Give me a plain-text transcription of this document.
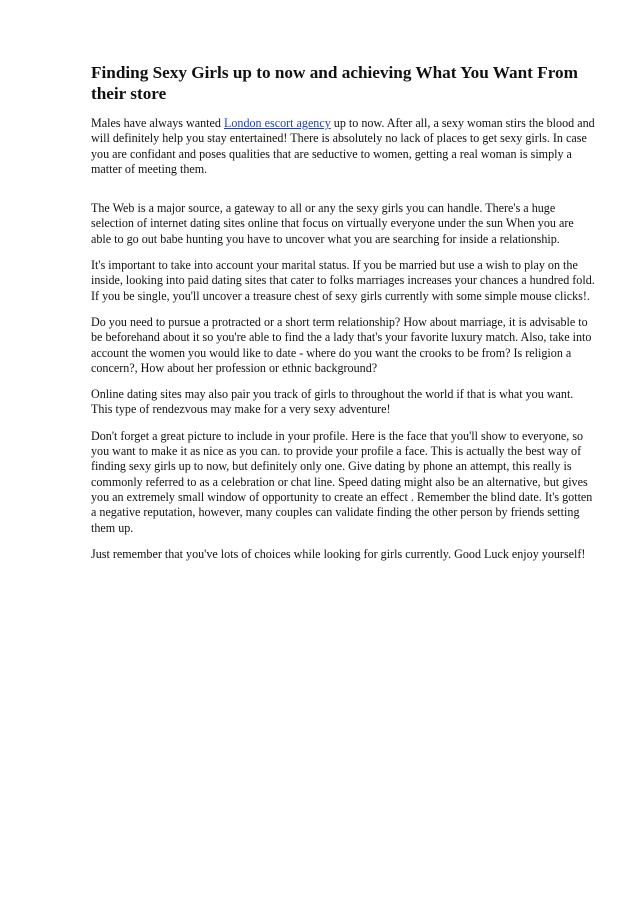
Finding Sexy Girls up to now and achieving What You Want From their store

Males have always wanted London escort agency up to now. After all, a sexy woman stirs the blood and will definitely help you stay entertained! There is absolutely no lack of places to get sexy girls. In case you are confidant and poses qualities that are seductive to women, getting a real woman is simply a matter of meeting them.

The Web is a major source, a gateway to all or any the sexy girls you can handle. There's a huge selection of internet dating sites online that focus on virtually everyone under the sun When you are able to go out babe hunting you have to uncover what you are searching for inside a relationship.

It's important to take into account your marital status. If you be married but use a wish to play on the inside, looking into paid dating sites that cater to folks marriages increases your chances a hundred fold. If you be single, you'll uncover a treasure chest of sexy girls currently with some simple mouse clicks!.

Do you need to pursue a protracted or a short term relationship? How about marriage, it is advisable to be beforehand about it so you're able to find the a lady that's your favorite luxury match. Also, take into account the women you would like to date - where do you want the crooks to be from? Is religion a concern?, How about her profession or ethnic background?

Online dating sites may also pair you track of girls to throughout the world if that is what you want. This type of rendezvous may make for a very sexy adventure!

Don't forget a great picture to include in your profile. Here is the face that you'll show to everyone, so you want to make it as nice as you can. to provide your profile a face. This is actually the best way of finding sexy girls up to now, but definitely only one. Give dating by phone an attempt, this really is commonly referred to as a celebration or chat line. Speed dating might also be an alternative, but gives you an extremely small window of opportunity to create an effect . Remember the blind date. It's gotten a negative reputation, however, many couples can validate finding the other person by friends setting them up.

Just remember that you've lots of choices while looking for girls currently. Good Luck enjoy yourself!
